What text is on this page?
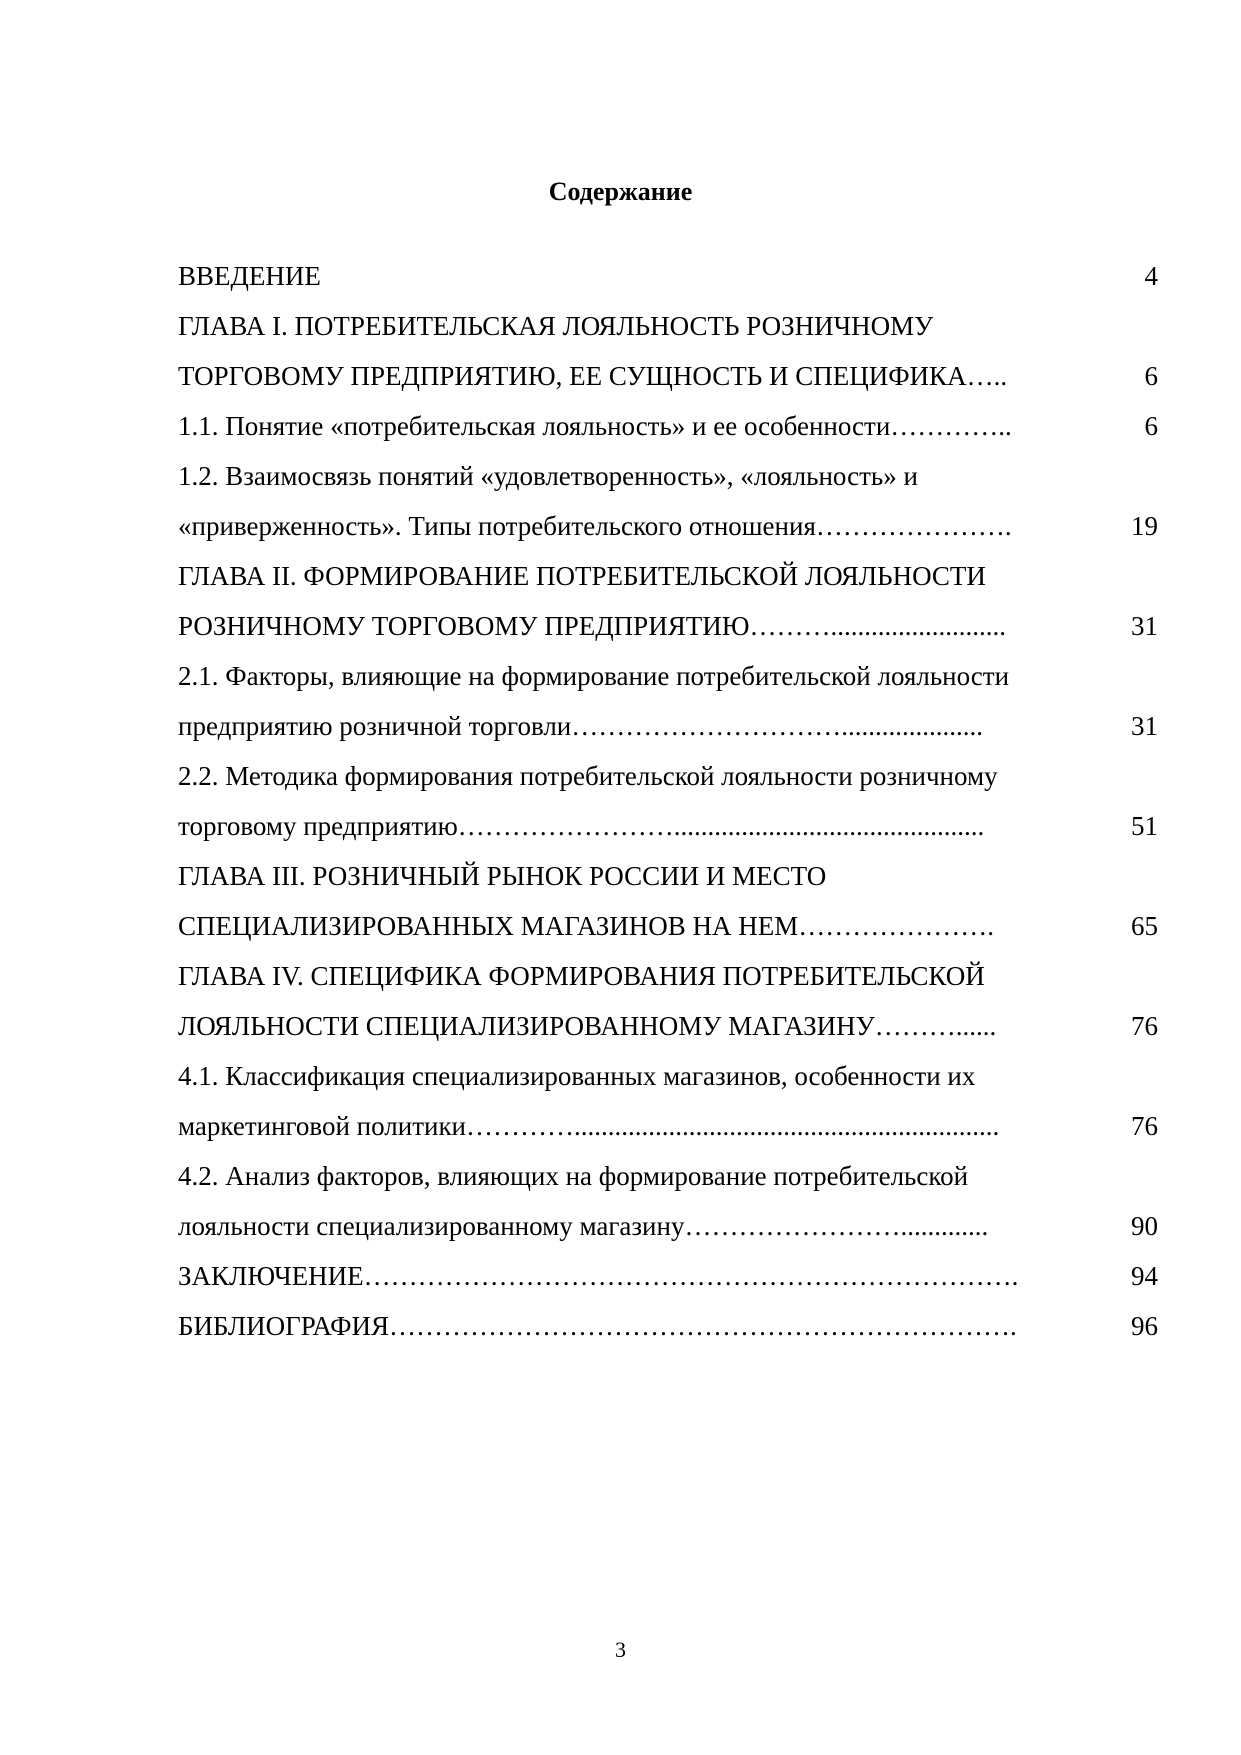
Содержание
ВВЕДЕНИЕ	4
ГЛАВА I. ПОТРЕБИТЕЛЬСКАЯ ЛОЯЛЬНОСТЬ РОЗНИЧНОМУ
ТОРГОВОМУ ПРЕДПРИЯТИЮ, ЕЕ СУЩНОСТЬ И СПЕЦИФИКА…..	6
1.1. Понятие «потребительская лояльность» и ее особенности…………..	6
1.2. Взаимосвязь понятий «удовлетворенность», «лояльность» и
«приверженность». Типы потребительского отношения………………….	19
ГЛАВА II. ФОРМИРОВАНИЕ ПОТРЕБИТЕЛЬСКОЙ ЛОЯЛЬНОСТИ
РОЗНИЧНОМУ ТОРГОВОМУ ПРЕДПРИЯТИЮ………..........................	31
2.1. Факторы, влияющие на формирование потребительской лояльности
предприятию розничной торговли………………………….....................	31
2.2. Методика формирования потребительской лояльности розничному
торговому предприятию……………………..............................................	51
ГЛАВА III. РОЗНИЧНЫЙ РЫНОК РОССИИ И МЕСТО
СПЕЦИАЛИЗИРОВАННЫХ МАГАЗИНОВ НА НЕМ………………….	65
ГЛАВА IV. СПЕЦИФИКА ФОРМИРОВАНИЯ ПОТРЕБИТЕЛЬСКОЙ
ЛОЯЛЬНОСТИ СПЕЦИАЛИЗИРОВАННОМУ МАГАЗИНУ………......	76
4.1. Классификация специализированных магазинов, особенности их
маркетинговой политики…………...............................................................	76
4.2. Анализ факторов, влияющих на формирование потребительской
лояльности специализированному магазину…………………….............	90
ЗАКЛЮЧЕНИЕ……………………………………………………………….	94
БИБЛИОГРАФИЯ…………………………………………………………….	96
3
